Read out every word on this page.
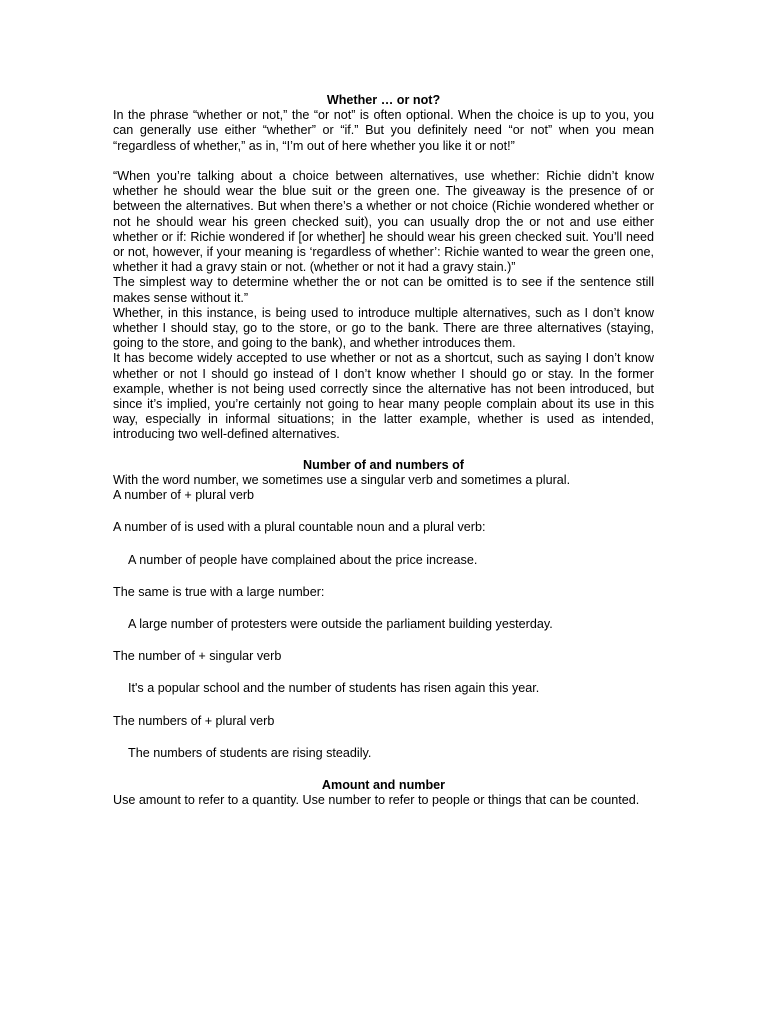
Whether … or not?

In the phrase “whether or not,” the “or not” is often optional. When the choice is up to you, you can generally use either “whether” or “if.” But you definitely need “or not” when you mean “regardless of whether,” as in, “I’m out of here whether you like it or not!”

“When you’re talking about a choice between alternatives, use whether: Richie didn’t know whether he should wear the blue suit or the green one. The giveaway is the presence of or between the alternatives. But when there’s a whether or not choice (Richie wondered whether or not he should wear his green checked suit), you can usually drop the or not and use either whether or if: Richie wondered if [or whether] he should wear his green checked suit. You’ll need or not, however, if your meaning is ‘regardless of whether’: Richie wanted to wear the green one, whether it had a gravy stain or not. (whether or not it had a gravy stain.)”

The simplest way to determine whether the or not can be omitted is to see if the sentence still makes sense without it.”

Whether, in this instance, is being used to introduce multiple alternatives, such as I don’t know whether I should stay, go to the store, or go to the bank. There are three alternatives (staying, going to the store, and going to the bank), and whether introduces them.

It has become widely accepted to use whether or not as a shortcut, such as saying I don’t know whether or not I should go instead of I don’t know whether I should go or stay. In the former example, whether is not being used correctly since the alternative has not been introduced, but since it’s implied, you’re certainly not going to hear many people complain about its use in this way, especially in informal situations; in the latter example, whether is used as intended, introducing two well-defined alternatives.

Number of and numbers of

With the word number, we sometimes use a singular verb and sometimes a plural.

A number of + plural verb

A number of is used with a plural countable noun and a plural verb:

A number of people have complained about the price increase.

The same is true with a large number:

A large number of protesters were outside the parliament building yesterday.

The number of + singular verb

It's a popular school and the number of students has risen again this year.

The numbers of + plural verb

The numbers of students are rising steadily.

Amount and number

Use amount to refer to a quantity. Use number to refer to people or things that can be counted.
